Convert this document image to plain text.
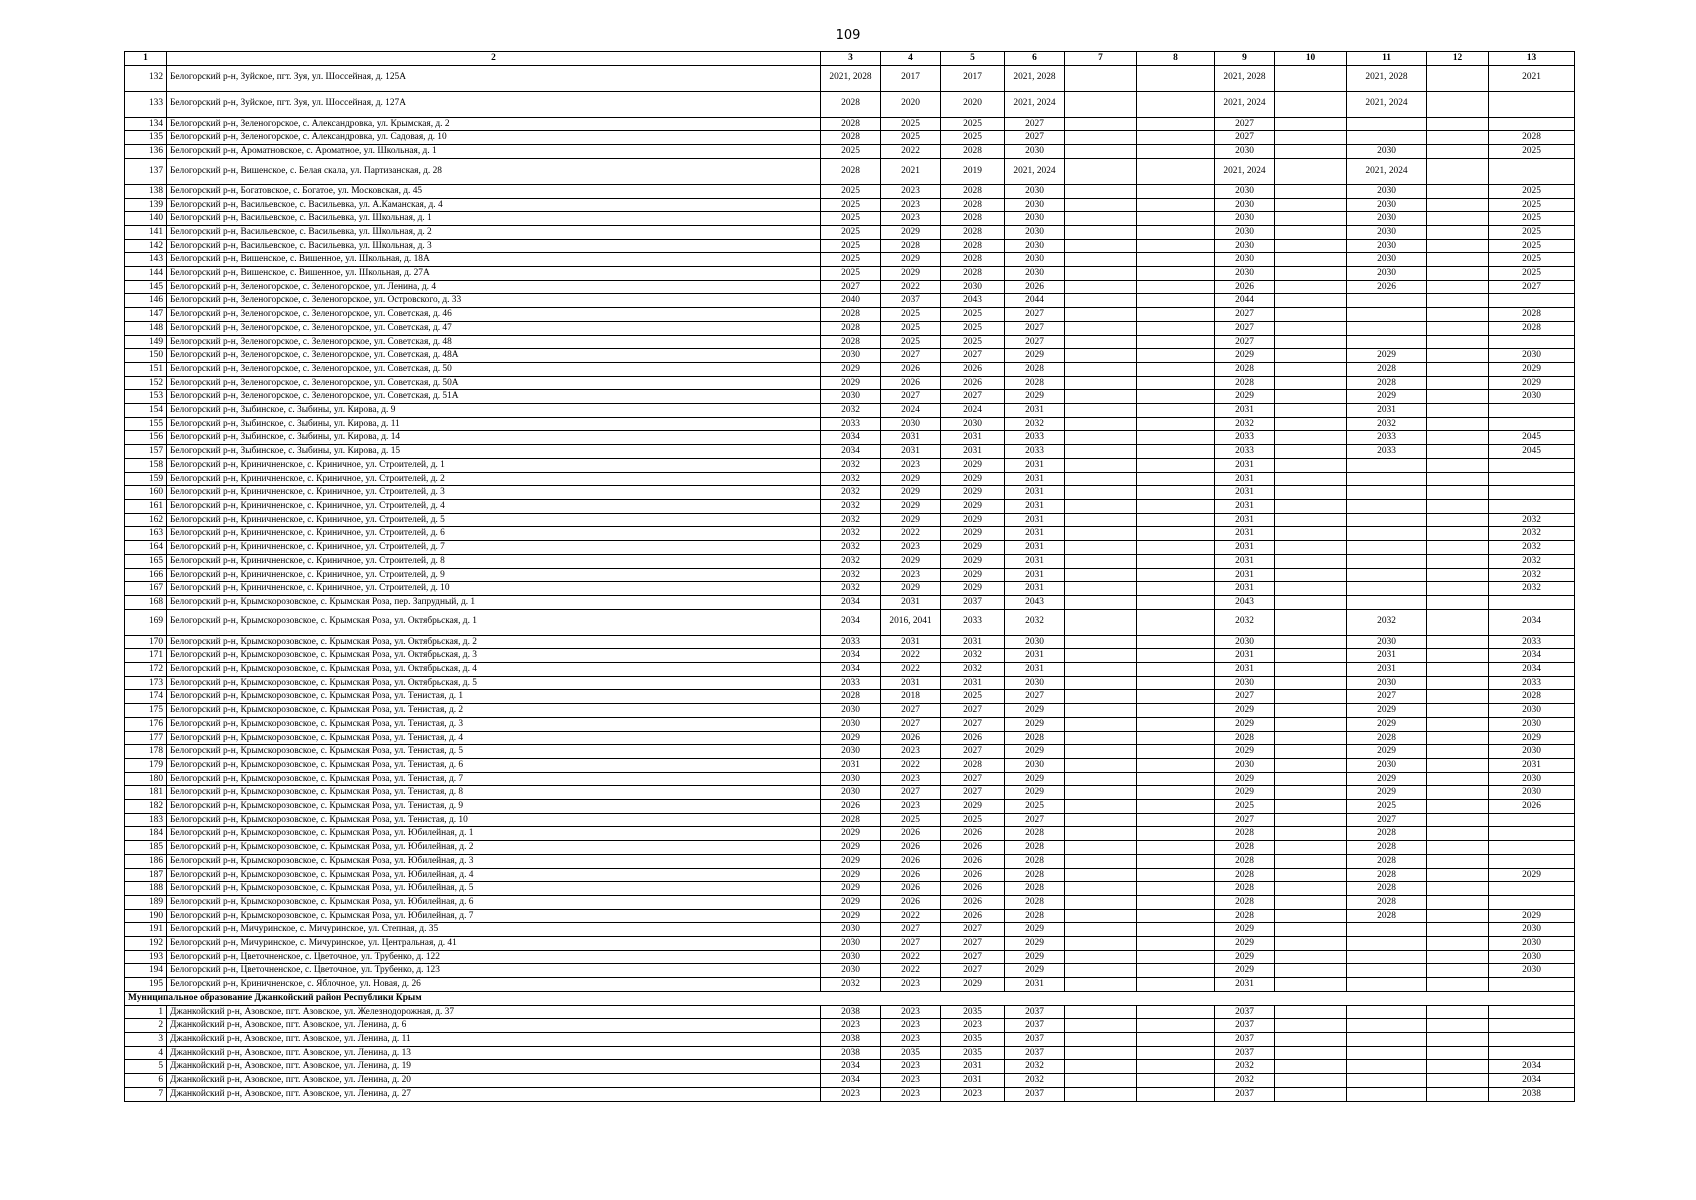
109
1	2	3	4	5	6	7	8	9	10	11	12	13
132	Белогорский р-н, Зуйское, пгт. Зуя, ул. Шоссейная, д. 125А	2021, 2028	2017	2017	2021, 2028			2021, 2028		2021, 2028		2021
133	Белогорский р-н, Зуйское, пгт. Зуя, ул. Шоссейная, д. 127А	2028	2020	2020	2021, 2024			2021, 2024		2021, 2024		
134	Белогорский р-н, Зеленогорское, с. Александровка, ул. Крымская, д. 2	2028	2025	2025	2027			2027				
135	Белогорский р-н, Зеленогорское, с. Александровка, ул. Садовая, д. 10	2028	2025	2025	2027			2027				2028
136	Белогорский р-н, Ароматновское, с. Ароматное, ул. Школьная, д. 1	2025	2022	2028	2030			2030		2030		2025
137	Белогорский р-н, Вишенское, с. Белая скала, ул. Партизанская, д. 28	2028	2021	2019	2021, 2024			2021, 2024		2021, 2024		
138	Белогорский р-н, Богатовское, с. Богатое, ул. Московская, д. 45	2025	2023	2028	2030			2030		2030		2025
139	Белогорский р-н, Васильевское, с. Васильевка, ул. А.Каманская, д. 4	2025	2023	2028	2030			2030		2030		2025
140	Белогорский р-н, Васильевское, с. Васильевка, ул. Школьная, д. 1	2025	2023	2028	2030			2030		2030		2025
141	Белогорский р-н, Васильевское, с. Васильевка, ул. Школьная, д. 2	2025	2029	2028	2030			2030		2030		2025
142	Белогорский р-н, Васильевское, с. Васильевка, ул. Школьная, д. 3	2025	2028	2028	2030			2030		2030		2025
143	Белогорский р-н, Вишенское, с. Вишенное, ул. Школьная, д. 18А	2025	2029	2028	2030			2030		2030		2025
144	Белогорский р-н, Вишенское, с. Вишенное, ул. Школьная, д. 27А	2025	2029	2028	2030			2030		2030		2025
145	Белогорский р-н, Зеленогорское, с. Зеленогорское, ул. Ленина, д. 4	2027	2022	2030	2026			2026		2026		2027
146	Белогорский р-н, Зеленогорское, с. Зеленогорское, ул. Островского, д. 33	2040	2037	2043	2044			2044				
147	Белогорский р-н, Зеленогорское, с. Зеленогорское, ул. Советская, д. 46	2028	2025	2025	2027			2027				2028
148	Белогорский р-н, Зеленогорское, с. Зеленогорское, ул. Советская, д. 47	2028	2025	2025	2027			2027				2028
149	Белогорский р-н, Зеленогорское, с. Зеленогорское, ул. Советская, д. 48	2028	2025	2025	2027			2027				
150	Белогорский р-н, Зеленогорское, с. Зеленогорское, ул. Советская, д. 48А	2030	2027	2027	2029			2029		2029		2030
151	Белогорский р-н, Зеленогорское, с. Зеленогорское, ул. Советская, д. 50	2029	2026	2026	2028			2028		2028		2029
152	Белогорский р-н, Зеленогорское, с. Зеленогорское, ул. Советская, д. 50А	2029	2026	2026	2028			2028		2028		2029
153	Белогорский р-н, Зеленогорское, с. Зеленогорское, ул. Советская, д. 51А	2030	2027	2027	2029			2029		2029		2030
154	Белогорский р-н, Зыбинское, с. Зыбины, ул. Кирова, д. 9	2032	2024	2024	2031			2031		2031		
155	Белогорский р-н, Зыбинское, с. Зыбины, ул. Кирова, д. 11	2033	2030	2030	2032			2032		2032		
156	Белогорский р-н, Зыбинское, с. Зыбины, ул. Кирова, д. 14	2034	2031	2031	2033			2033		2033		2045
157	Белогорский р-н, Зыбинское, с. Зыбины, ул. Кирова, д. 15	2034	2031	2031	2033			2033		2033		2045
158	Белогорский р-н, Криничненское, с. Криничное, ул. Строителей, д. 1	2032	2023	2029	2031			2031				
159	Белогорский р-н, Криничненское, с. Криничное, ул. Строителей, д. 2	2032	2029	2029	2031			2031				
160	Белогорский р-н, Криничненское, с. Криничное, ул. Строителей, д. 3	2032	2029	2029	2031			2031				
161	Белогорский р-н, Криничненское, с. Криничное, ул. Строителей, д. 4	2032	2029	2029	2031			2031				
162	Белогорский р-н, Криничненское, с. Криничное, ул. Строителей, д. 5	2032	2029	2029	2031			2031				2032
163	Белогорский р-н, Криничненское, с. Криничное, ул. Строителей, д. 6	2032	2022	2029	2031			2031				2032
164	Белогорский р-н, Криничненское, с. Криничное, ул. Строителей, д. 7	2032	2023	2029	2031			2031				2032
165	Белогорский р-н, Криничненское, с. Криничное, ул. Строителей, д. 8	2032	2029	2029	2031			2031				2032
166	Белогорский р-н, Криничненское, с. Криничное, ул. Строителей, д. 9	2032	2023	2029	2031			2031				2032
167	Белогорский р-н, Криничненское, с. Криничное, ул. Строителей, д. 10	2032	2029	2029	2031			2031				2032
168	Белогорский р-н, Крымскорозовское, с. Крымская Роза, пер. Запрудный, д. 1	2034	2031	2037	2043			2043				
169	Белогорский р-н, Крымскорозовское, с. Крымская Роза, ул. Октябрьская, д. 1	2034	2016, 2041	2033	2032			2032		2032		2034
170	Белогорский р-н, Крымскорозовское, с. Крымская Роза, ул. Октябрьская, д. 2	2033	2031	2031	2030			2030		2030		2033
171	Белогорский р-н, Крымскорозовское, с. Крымская Роза, ул. Октябрьская, д. 3	2034	2022	2032	2031			2031		2031		2034
172	Белогорский р-н, Крымскорозовское, с. Крымская Роза, ул. Октябрьская, д. 4	2034	2022	2032	2031			2031		2031		2034
173	Белогорский р-н, Крымскорозовское, с. Крымская Роза, ул. Октябрьская, д. 5	2033	2031	2031	2030			2030		2030		2033
174	Белогорский р-н, Крымскорозовское, с. Крымская Роза, ул. Тенистая, д. 1	2028	2018	2025	2027			2027		2027		2028
175	Белогорский р-н, Крымскорозовское, с. Крымская Роза, ул. Тенистая, д. 2	2030	2027	2027	2029			2029		2029		2030
176	Белогорский р-н, Крымскорозовское, с. Крымская Роза, ул. Тенистая, д. 3	2030	2027	2027	2029			2029		2029		2030
177	Белогорский р-н, Крымскорозовское, с. Крымская Роза, ул. Тенистая, д. 4	2029	2026	2026	2028			2028		2028		2029
178	Белогорский р-н, Крымскорозовское, с. Крымская Роза, ул. Тенистая, д. 5	2030	2023	2027	2029			2029		2029		2030
179	Белогорский р-н, Крымскорозовское, с. Крымская Роза, ул. Тенистая, д. 6	2031	2022	2028	2030			2030		2030		2031
180	Белогорский р-н, Крымскорозовское, с. Крымская Роза, ул. Тенистая, д. 7	2030	2023	2027	2029			2029		2029		2030
181	Белогорский р-н, Крымскорозовское, с. Крымская Роза, ул. Тенистая, д. 8	2030	2027	2027	2029			2029		2029		2030
182	Белогорский р-н, Крымскорозовское, с. Крымская Роза, ул. Тенистая, д. 9	2026	2023	2029	2025			2025		2025		2026
183	Белогорский р-н, Крымскорозовское, с. Крымская Роза, ул. Тенистая, д. 10	2028	2025	2025	2027			2027		2027		
184	Белогорский р-н, Крымскорозовское, с. Крымская Роза, ул. Юбилейная, д. 1	2029	2026	2026	2028			2028		2028		
185	Белогорский р-н, Крымскорозовское, с. Крымская Роза, ул. Юбилейная, д. 2	2029	2026	2026	2028			2028		2028		
186	Белогорский р-н, Крымскорозовское, с. Крымская Роза, ул. Юбилейная, д. 3	2029	2026	2026	2028			2028		2028		
187	Белогорский р-н, Крымскорозовское, с. Крымская Роза, ул. Юбилейная, д. 4	2029	2026	2026	2028			2028		2028		2029
188	Белогорский р-н, Крымскорозовское, с. Крымская Роза, ул. Юбилейная, д. 5	2029	2026	2026	2028			2028		2028		
189	Белогорский р-н, Крымскорозовское, с. Крымская Роза, ул. Юбилейная, д. 6	2029	2026	2026	2028			2028		2028		
190	Белогорский р-н, Крымскорозовское, с. Крымская Роза, ул. Юбилейная, д. 7	2029	2022	2026	2028			2028		2028		2029
191	Белогорский р-н, Мичуринское, с. Мичуринское, ул. Степная, д. 35	2030	2027	2027	2029			2029				2030
192	Белогорский р-н, Мичуринское, с. Мичуринское, ул. Центральная, д. 41	2030	2027	2027	2029			2029				2030
193	Белогорский р-н, Цветочненское, с. Цветочное, ул. Трубенко, д. 122	2030	2022	2027	2029			2029				2030
194	Белогорский р-н, Цветочненское, с. Цветочное, ул. Трубенко, д. 123	2030	2022	2027	2029			2029				2030
195	Белогорский р-н, Криничненское, с. Яблочное, ул. Новая, д. 26	2032	2023	2029	2031			2031				
Муниципальное образование Джанкойский район Республики Крым												
1	Джанкойский р-н, Азовское, пгт. Азовское, ул. Железнодорожная, д. 37	2038	2023	2035	2037			2037				
2	Джанкойский р-н, Азовское, пгт. Азовское, ул. Ленина, д. 6	2023	2023	2023	2037			2037				
3	Джанкойский р-н, Азовское, пгт. Азовское, ул. Ленина, д. 11	2038	2023	2035	2037			2037				
4	Джанкойский р-н, Азовское, пгт. Азовское, ул. Ленина, д. 13	2038	2035	2035	2037			2037				
5	Джанкойский р-н, Азовское, пгт. Азовское, ул. Ленина, д. 19	2034	2023	2031	2032			2032				2034
6	Джанкойский р-н, Азовское, пгт. Азовское, ул. Ленина, д. 20	2034	2023	2031	2032			2032				2034
7	Джанкойский р-н, Азовское, пгт. Азовское, ул. Ленина, д. 27	2023	2023	2023	2037			2037				2038
